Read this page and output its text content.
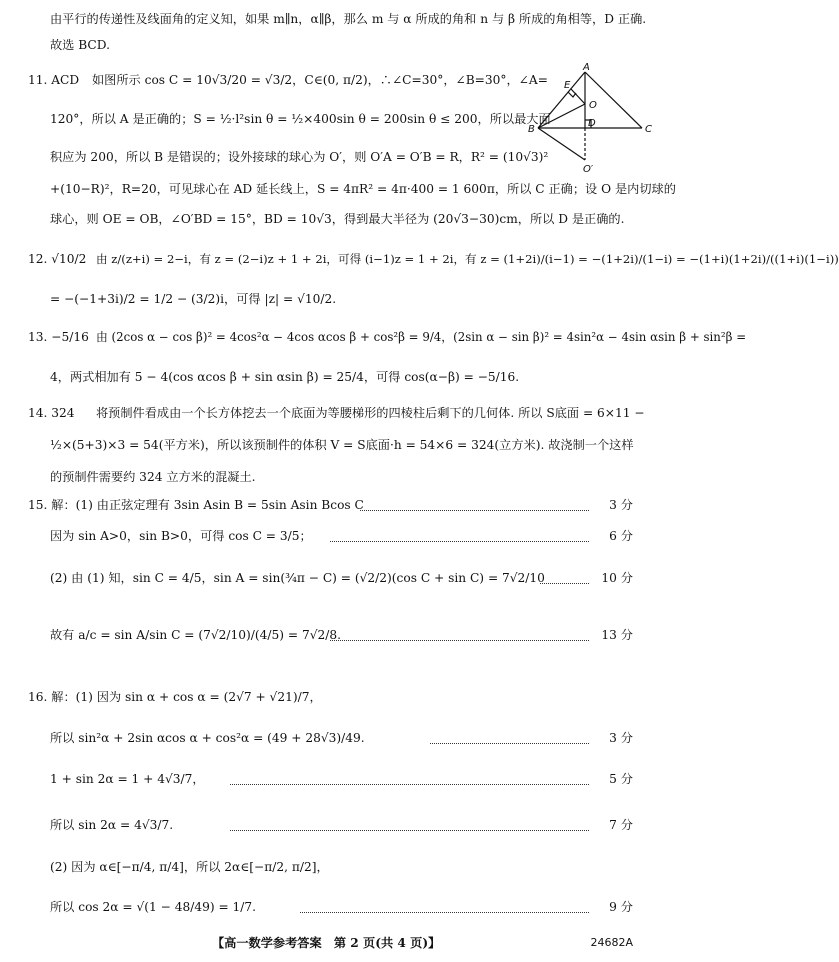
由平行的传递性及线面角的定义知，如果 m∥n，α∥β，那么 m 与 α 所成的角和 n 与 β 所成的角相等，D 正确.
故选 BCD.
11. ACD	如图所示 cos C = 10√3/20 = √3/2，C∈(0, π/2)，∴∠C=30°，∠B=30°，∠A=
120°，所以 A 是正确的；S = ½·l²sin θ = ½×400sin θ = 200sin θ ≤ 200，所以最大面
积应为 200，所以 B 是错误的；设外接球的球心为 O′，则 O′A = O′B = R，R² = (10√3)²
+(10−R)²，R=20，可见球心在 AD 延长线上，S = 4πR² = 4π·400 = 1 600π，所以 C 正确；设 O 是内切球的
球心，则 OE = OB，∠O′BD = 15°，BD = 10√3，得到最大半径为 (20√3−30)cm，所以 D 是正确的.
A
B	C
D
E
O
O′
12. √10/2 由 z/(z+i) = 2−i，有 z = (2−i)z + 1 + 2i，可得 (i−1)z = 1 + 2i，有 z = (1+2i)/(i−1) = −(1+2i)/(1−i) = −(1+i)(1+2i)/((1+i)(1−i))
= −(−1+3i)/2 = 1/2 − (3/2)i，可得 |z| = √10/2.
13. −5/16 由 (2cos α − cos β)² = 4cos²α − 4cos αcos β + cos²β = 9/4，(2sin α − sin β)² = 4sin²α − 4sin αsin β + sin²β =
4，两式相加有 5 − 4(cos αcos β + sin αsin β) = 25/4，可得 cos(α−β) = −5/16.
14. 324	将预制件看成由一个长方体挖去一个底面为等腰梯形的四棱柱后剩下的几何体. 所以 S底面 = 6×11 −
½×(5+3)×3 = 54(平方米)，所以该预制件的体积 V = S底面·h = 54×6 = 324(立方米). 故浇制一个这样
的预制件需要约 324 立方米的混凝土.
15. 解：(1) 由正弦定理有 3sin Asin B = 5sin Asin Bcos C	3 分
因为 sin A>0，sin B>0，可得 cos C = 3/5；	6 分
(2) 由 (1) 知，sin C = 4/5，sin A = sin(¾π − C) = (√2/2)(cos C + sin C) = 7√2/10	10 分
故有 a/c = sin A/sin C = (7√2/10)/(4/5) = 7√2/8.	13 分
16. 解：(1) 因为 sin α + cos α = (2√7 + √21)/7，
所以 sin²α + 2sin αcos α + cos²α = (49 + 28√3)/49.	3 分
1 + sin 2α = 1 + 4√3/7，	5 分
所以 sin 2α = 4√3/7.	7 分
(2) 因为 α∈[−π/4, π/4]，所以 2α∈[−π/2, π/2]，
所以 cos 2α = √(1 − 48/49) = 1/7.	9 分
【高一数学参考答案　第 2 页(共 4 页)】	24682A
